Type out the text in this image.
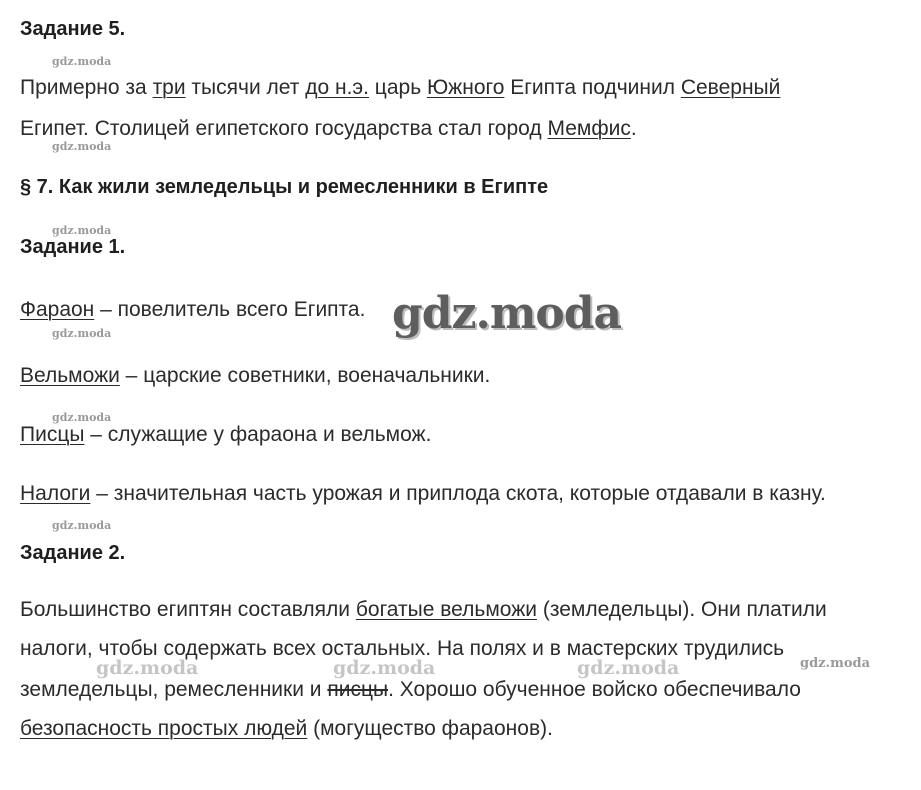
Задание 5.
Примерно за три тысячи лет до н.э. царь Южного Египта подчинил Северный
Египет. Столицей египетского государства стал город Мемфис.
§ 7. Как жили земледельцы и ремесленники в Египте
Задание 1.
Фараон – повелитель всего Египта.
Вельможи – царские советники, военачальники.
Писцы – служащие у фараона и вельмож.
Налоги – значительная часть урожая и приплода скота, которые отдавали в казну.
Задание 2.
Большинство египтян составляли богатые вельможи (земледельцы). Они платили
налоги, чтобы содержать всех остальных. На полях и в мастерских трудились
земледельцы, ремесленники и писцы. Хорошо обученное войско обеспечивало
безопасность простых людей (могущество фараонов).
gdz.moda
gdz.moda
gdz.moda
gdz.moda
gdz.moda
gdz.moda
gdz.moda
gdz.moda	gdz.moda	gdz.moda	gdz.moda
